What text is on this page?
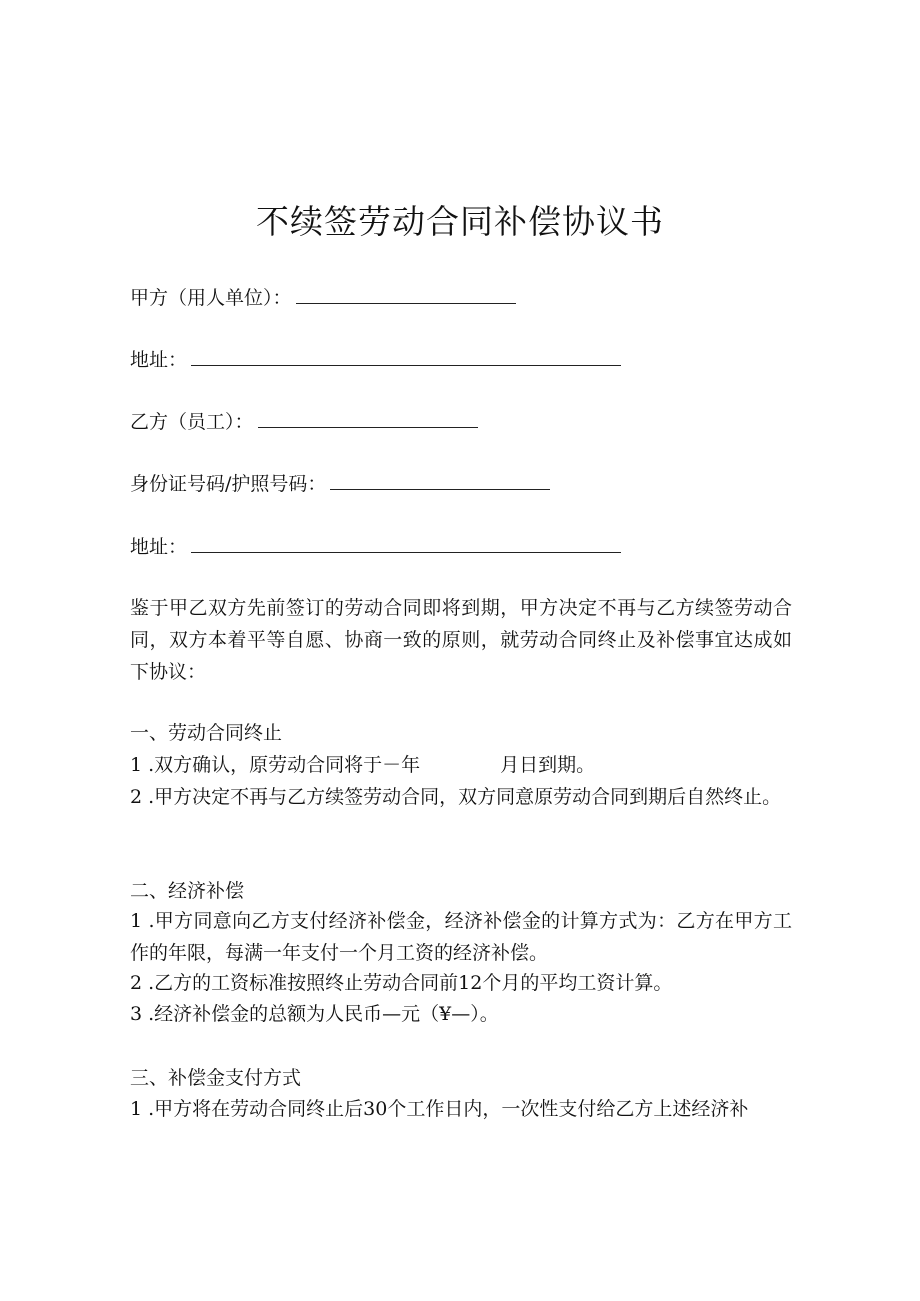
不续签劳动合同补偿协议书
甲方（用人单位）：
地址：
乙方（员工）：
身份证号码/护照号码：
地址：
鉴于甲乙双方先前签订的劳动合同即将到期，甲方决定不再与乙方续签劳动合同，双方本着平等自愿、协商一致的原则，就劳动合同终止及补偿事宜达成如下协议：
一、劳动合同终止
1 .双方确认，原劳动合同将于－年	月日到期。
2 .甲方决定不再与乙方续签劳动合同，双方同意原劳动合同到期后自然终止。
二、经济补偿
1 .甲方同意向乙方支付经济补偿金，经济补偿金的计算方式为：乙方在甲方工作的年限，每满一年支付一个月工资的经济补偿。
2 .乙方的工资标准按照终止劳动合同前12个月的平均工资计算。
3 .经济补偿金的总额为人民币—元（¥—）。
三、补偿金支付方式
1 .甲方将在劳动合同终止后30个工作日内，一次性支付给乙方上述经济补
